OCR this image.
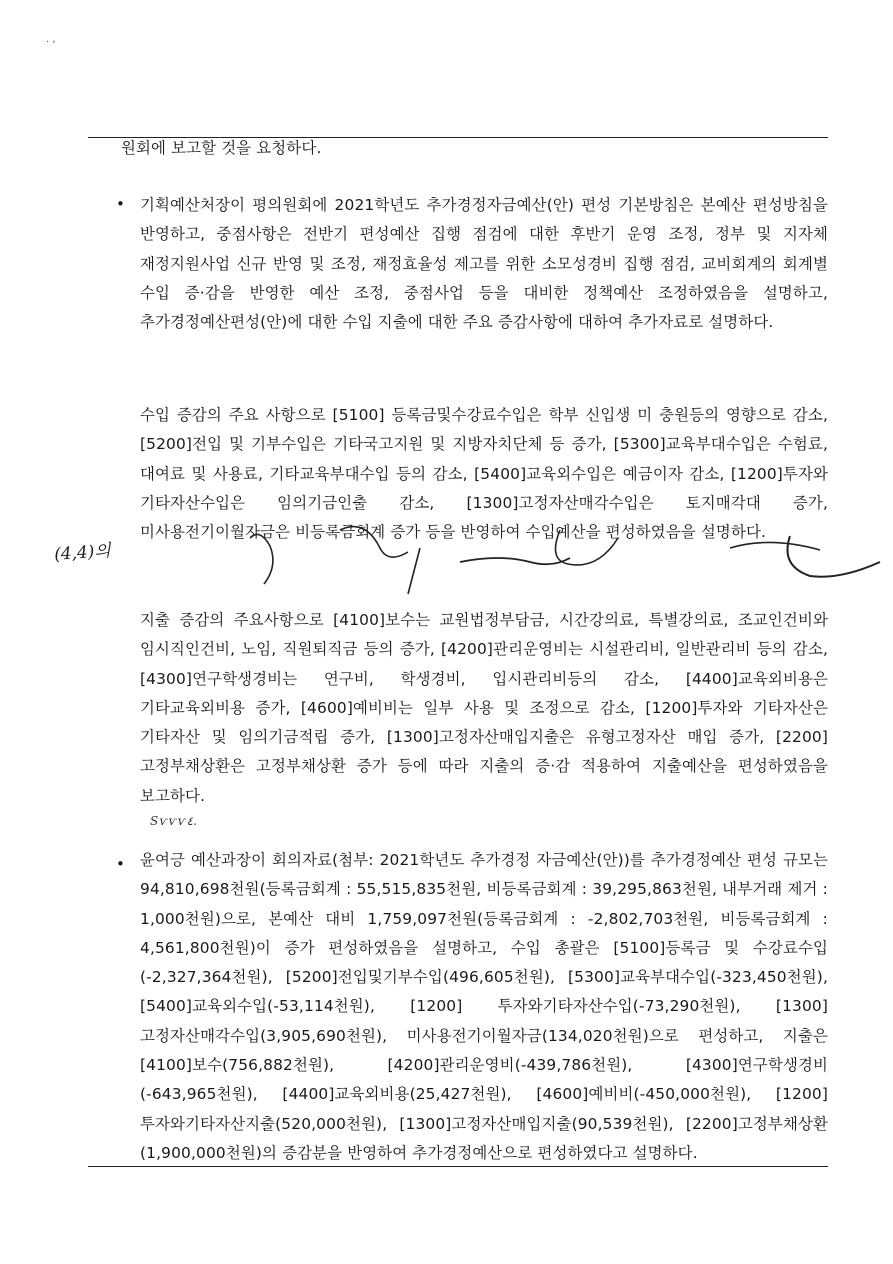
. ,
원회에 보고할 것을 요청하다.
• 기획예산처장이 평의원회에 2021학년도 추가경정자금예산(안) 편성 기본방침은 본예산 편성방침을 반영하고, 중점사항은 전반기 편성예산 집행 점검에 대한 후반기 운영 조정, 정부 및 지자체 재정지원사업 신규 반영 및 조정, 재정효율성 제고를 위한 소모성경비 집행 점검, 교비회계의 회계별 수입 증·감을 반영한 예산 조정, 중점사업 등을 대비한 정책예산 조정하였음을 설명하고, 추가경정예산편성(안)에 대한 수입 지출에 대한 주요 증감사항에 대하여 추가자료로 설명하다.
수입 증감의 주요 사항으로 [5100] 등록금및수강료수입은 학부 신입생 미 충원등의 영향으로 감소, [5200]전입 및 기부수입은 기타국고지원 및 지방자치단체 등 증가, [5300]교육부대수입은 수험료, 대여료 및 사용료, 기타교육부대수입 등의 감소, [5400]교육외수입은 예금이자 감소, [1200]투자와 기타자산수입은 임의기금인출 감소, [1300]고정자산매각수입은 토지매각대 증가, 미사용전기이월자금은 비등록금회계 증가 등을 반영하여 수입예산을 편성하였음을 설명하다.
(4,4)의
지출 증감의 주요사항으로 [4100]보수는 교원법정부담금, 시간강의료, 특별강의료, 조교인건비와 임시직인건비, 노임, 직원퇴직금 등의 증가, [4200]관리운영비는 시설관리비, 일반관리비 등의 감소, [4300]연구학생경비는 연구비, 학생경비, 입시관리비등의 감소, [4400]교육외비용은 기타교육외비용 증가, [4600]예비비는 일부 사용 및 조정으로 감소, [1200]투자와 기타자산은 기타자산 및 임의기금적립 증가, [1300]고정자산매입지출은 유형고정자산 매입 증가, [2200]고정부채상환은 고정부채상환 증가 등에 따라 지출의 증·감 적용하여 지출예산을 편성하였음을 보고하다.
Ѕѵѵѵ٤.
• 윤여긍 예산과장이 회의자료(첨부: 2021학년도 추가경정 자금예산(안))를 추가경정예산 편성 규모는 94,810,698천원(등록금회계 : 55,515,835천원, 비등록금회계 : 39,295,863천원, 내부거래 제거 : 1,000천원)으로, 본예산 대비 1,759,097천원(등록금회계 : -2,802,703천원, 비등록금회계 : 4,561,800천원)이 증가 편성하였음을 설명하고, 수입 총괄은 [5100]등록금 및 수강료수입(-2,327,364천원), [5200]전입및기부수입(496,605천원), [5300]교육부대수입(-323,450천원), [5400]교육외수입(-53,114천원), [1200] 투자와기타자산수입(-73,290천원), [1300] 고정자산매각수입(3,905,690천원), 미사용전기이월자금(134,020천원)으로 편성하고, 지출은 [4100]보수(756,882천원), [4200]관리운영비(-439,786천원), [4300]연구학생경비(-643,965천원), [4400]교육외비용(25,427천원), [4600]예비비(-450,000천원), [1200]투자와기타자산지출(520,000천원), [1300]고정자산매입지출(90,539천원), [2200]고정부채상환(1,900,000천원)의 증감분을 반영하여 추가경정예산으로 편성하였다고 설명하다.
